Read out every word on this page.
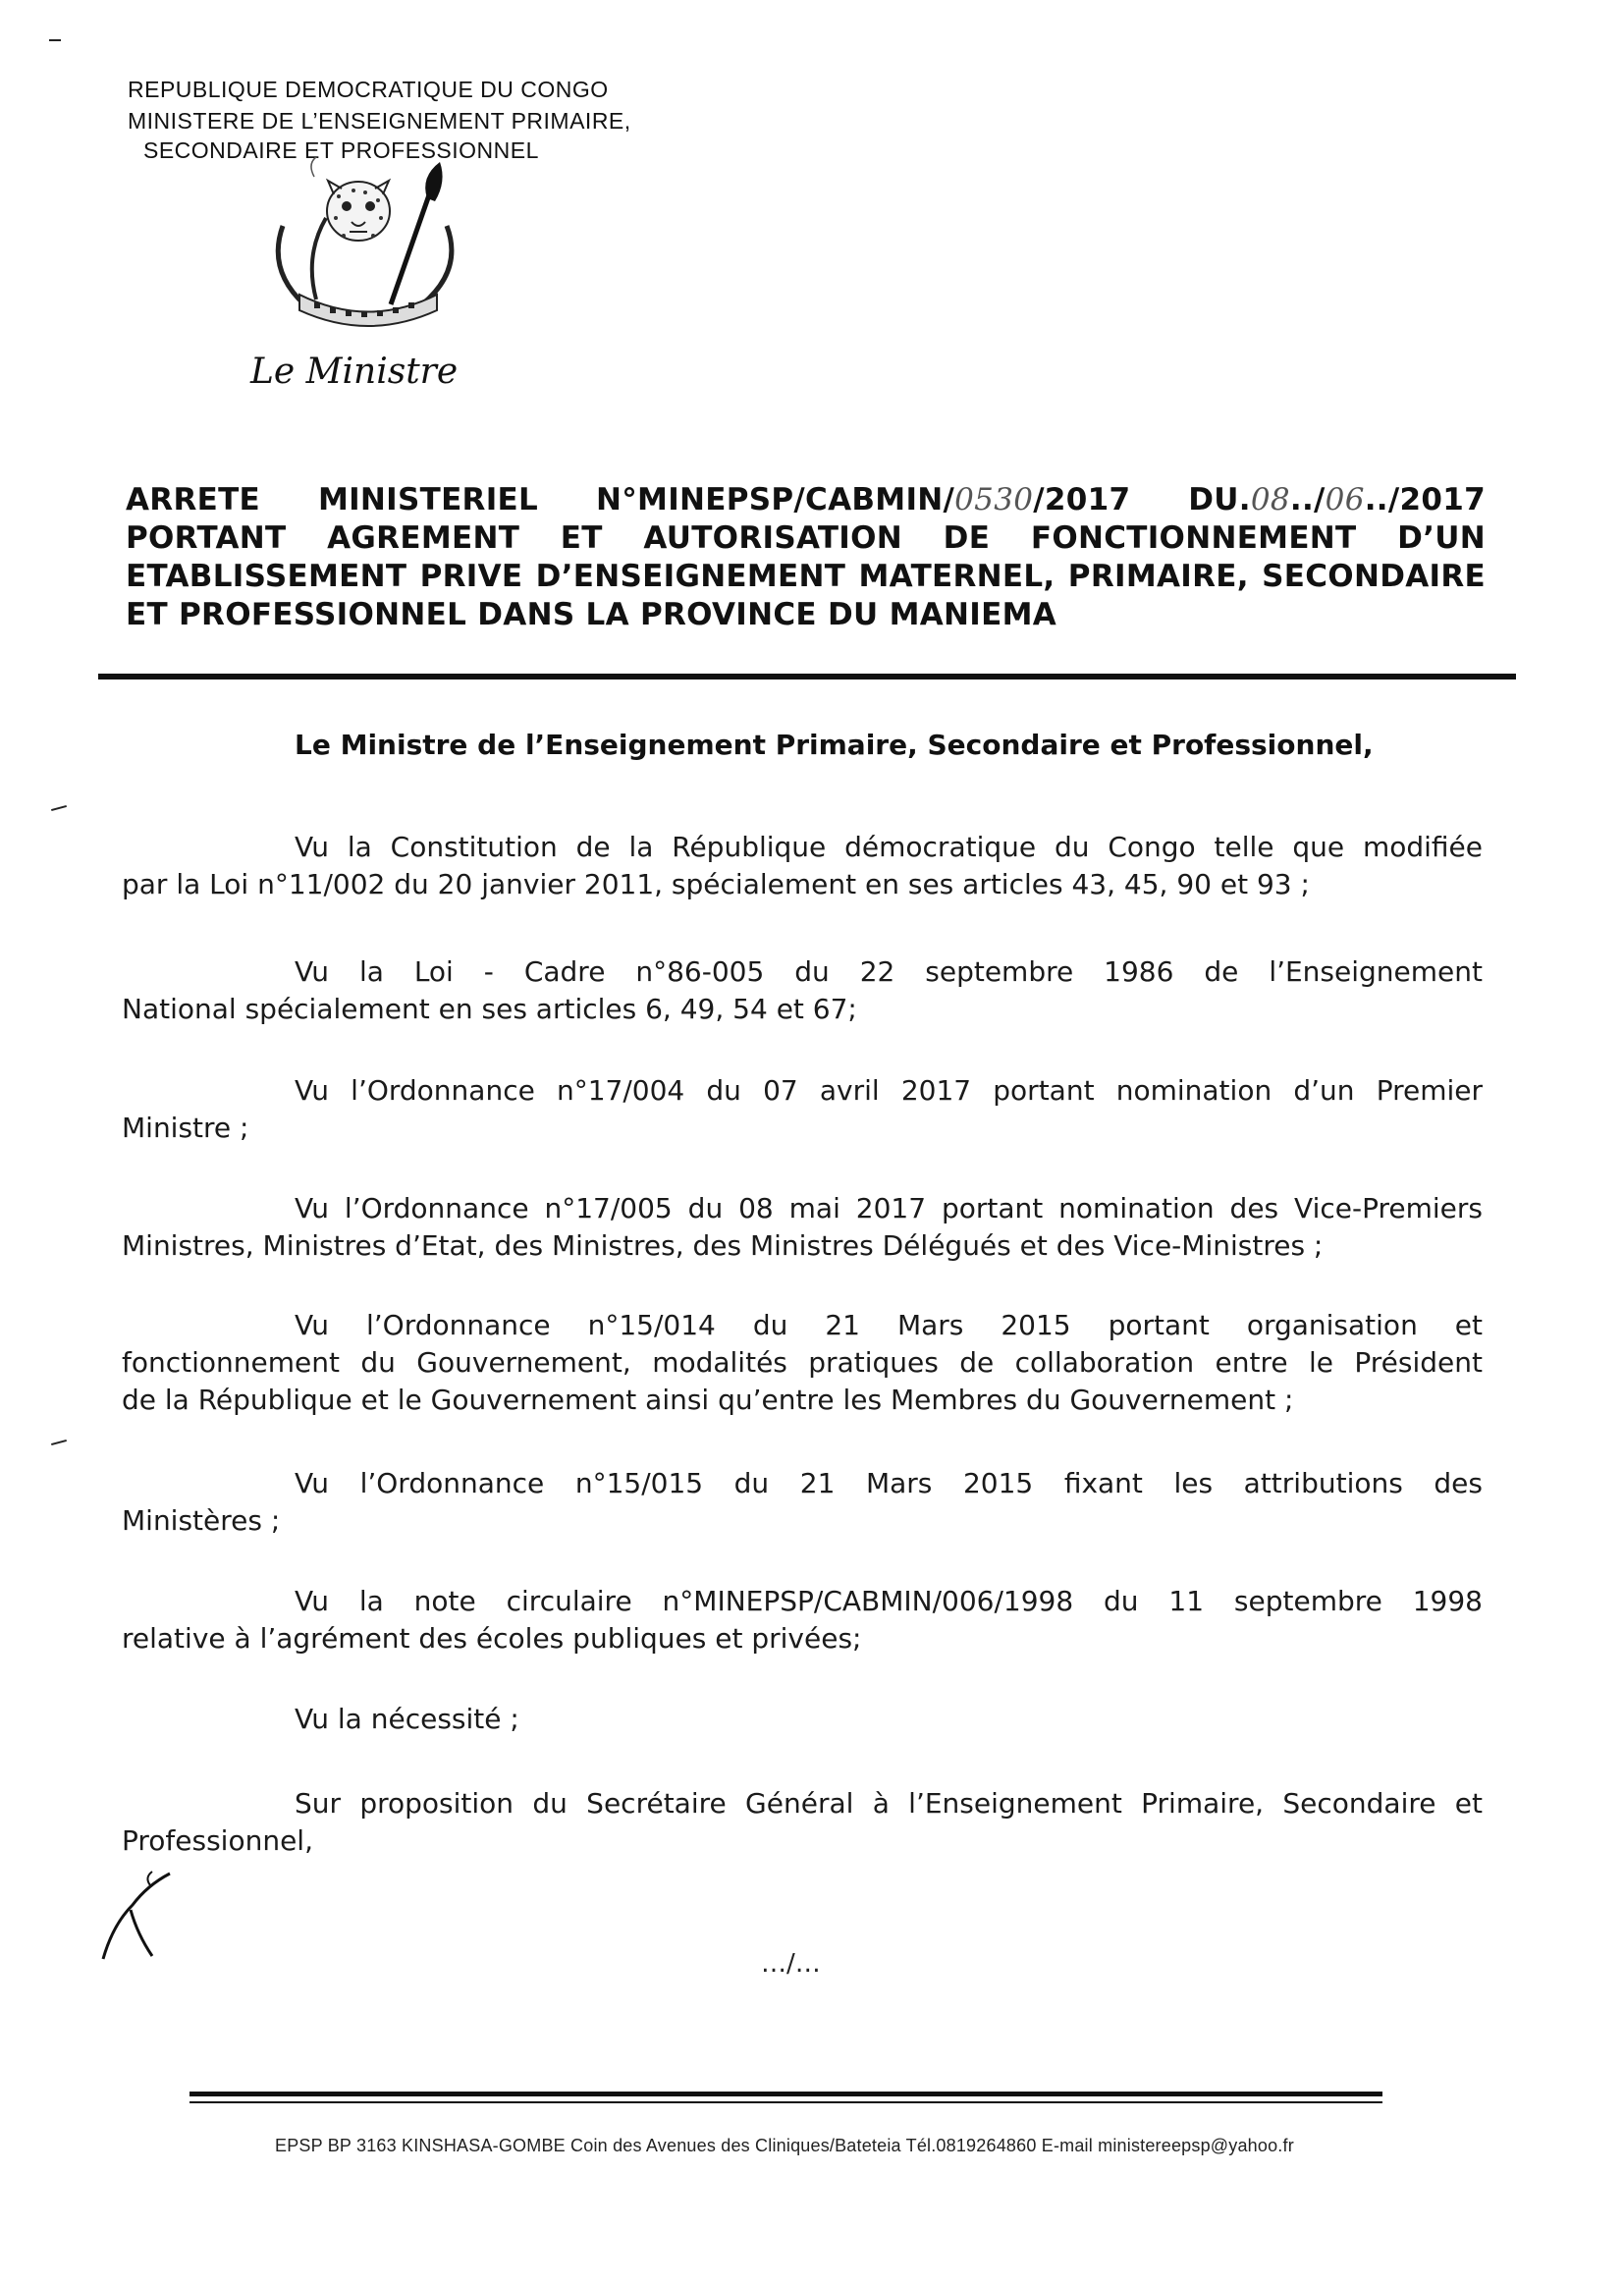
REPUBLIQUE DEMOCRATIQUE DU CONGO
MINISTERE DE L’ENSEIGNEMENT PRIMAIRE,
SECONDAIRE ET PROFESSIONNEL
Le Ministre
ARRETE MINISTERIEL N°MINEPSP/CABMIN/0530/2017 DU.08../06../2017
PORTANT AGREMENT ET AUTORISATION DE FONCTIONNEMENT D’UN
ETABLISSEMENT PRIVE D’ENSEIGNEMENT MATERNEL, PRIMAIRE, SECONDAIRE
ET PROFESSIONNEL DANS LA PROVINCE DU MANIEMA
Le Ministre de l’Enseignement Primaire, Secondaire et Professionnel,
Vu la Constitution de la République démocratique du Congo telle que modifiée
par la Loi n°11/002 du 20 janvier 2011, spécialement en ses articles 43, 45, 90 et 93 ;
Vu la Loi - Cadre n°86-005 du 22 septembre 1986 de l’Enseignement
National spécialement en ses articles 6, 49, 54 et 67;
Vu l’Ordonnance n°17/004 du 07 avril 2017 portant nomination d’un Premier
Ministre ;
Vu l’Ordonnance n°17/005 du 08 mai 2017 portant nomination des Vice-Premiers
Ministres, Ministres d’Etat, des Ministres, des Ministres Délégués et des Vice-Ministres ;
Vu l’Ordonnance n°15/014 du 21 Mars 2015 portant organisation et
fonctionnement du Gouvernement, modalités pratiques de collaboration entre le Président
de la République et le Gouvernement ainsi qu’entre les Membres du Gouvernement ;
Vu l’Ordonnance n°15/015 du 21 Mars 2015 fixant les attributions des
Ministères ;
Vu la note circulaire n°MINEPSP/CABMIN/006/1998 du 11 septembre 1998
relative à l’agrément des écoles publiques et privées;
Vu la nécessité ;
Sur proposition du Secrétaire Général à l’Enseignement Primaire, Secondaire et
Professionnel,
…/…
EPSP BP 3163 KINSHASA-GOMBE Coin des Avenues des Cliniques/Bateteia Tél.0819264860 E-mail ministereepsp@yahoo.fr
